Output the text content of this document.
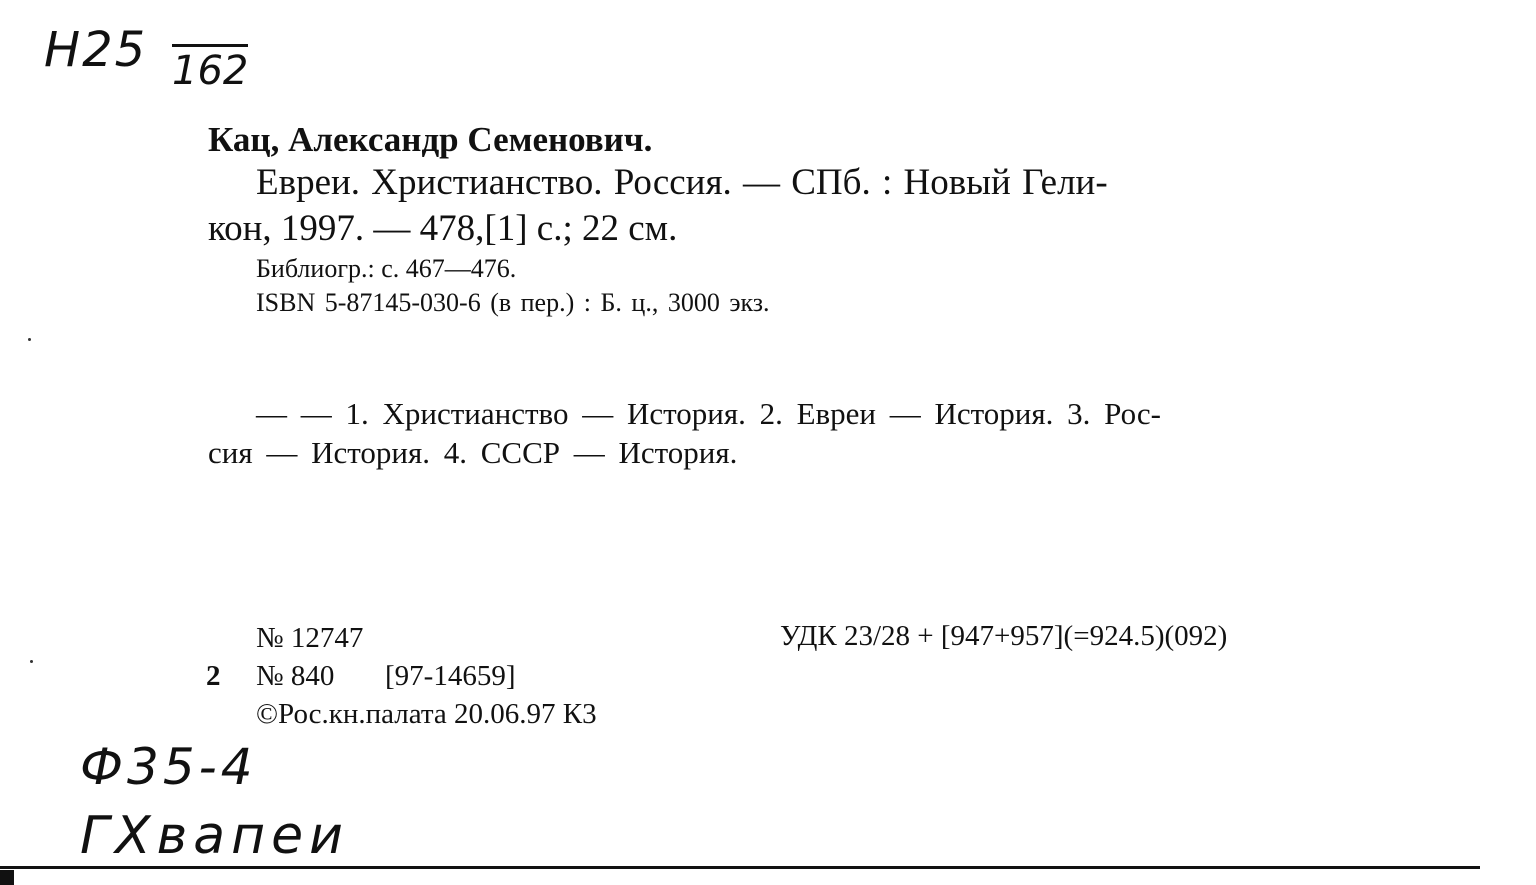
Н25 162
Кац, Александр Семенович.
Евреи. Христианство. Россия. — СПб. : Новый Гели-
кон, 1997. — 478,[1] с.; 22 см.
Библиогр.: с. 467—476.
ISBN 5-87145-030-6 (в пер.) : Б. ц., 3000 экз.
— — 1. Христианство — История. 2. Евреи — История. 3. Рос-
сия — История. 4. СССР — История.
№ 12747	УДК 23/28 + [947+957](=924.5)(092)
2 № 840 [97-14659]
©Рос.кн.палата 20.06.97 К3
Ф35-4
ГХвапеи
